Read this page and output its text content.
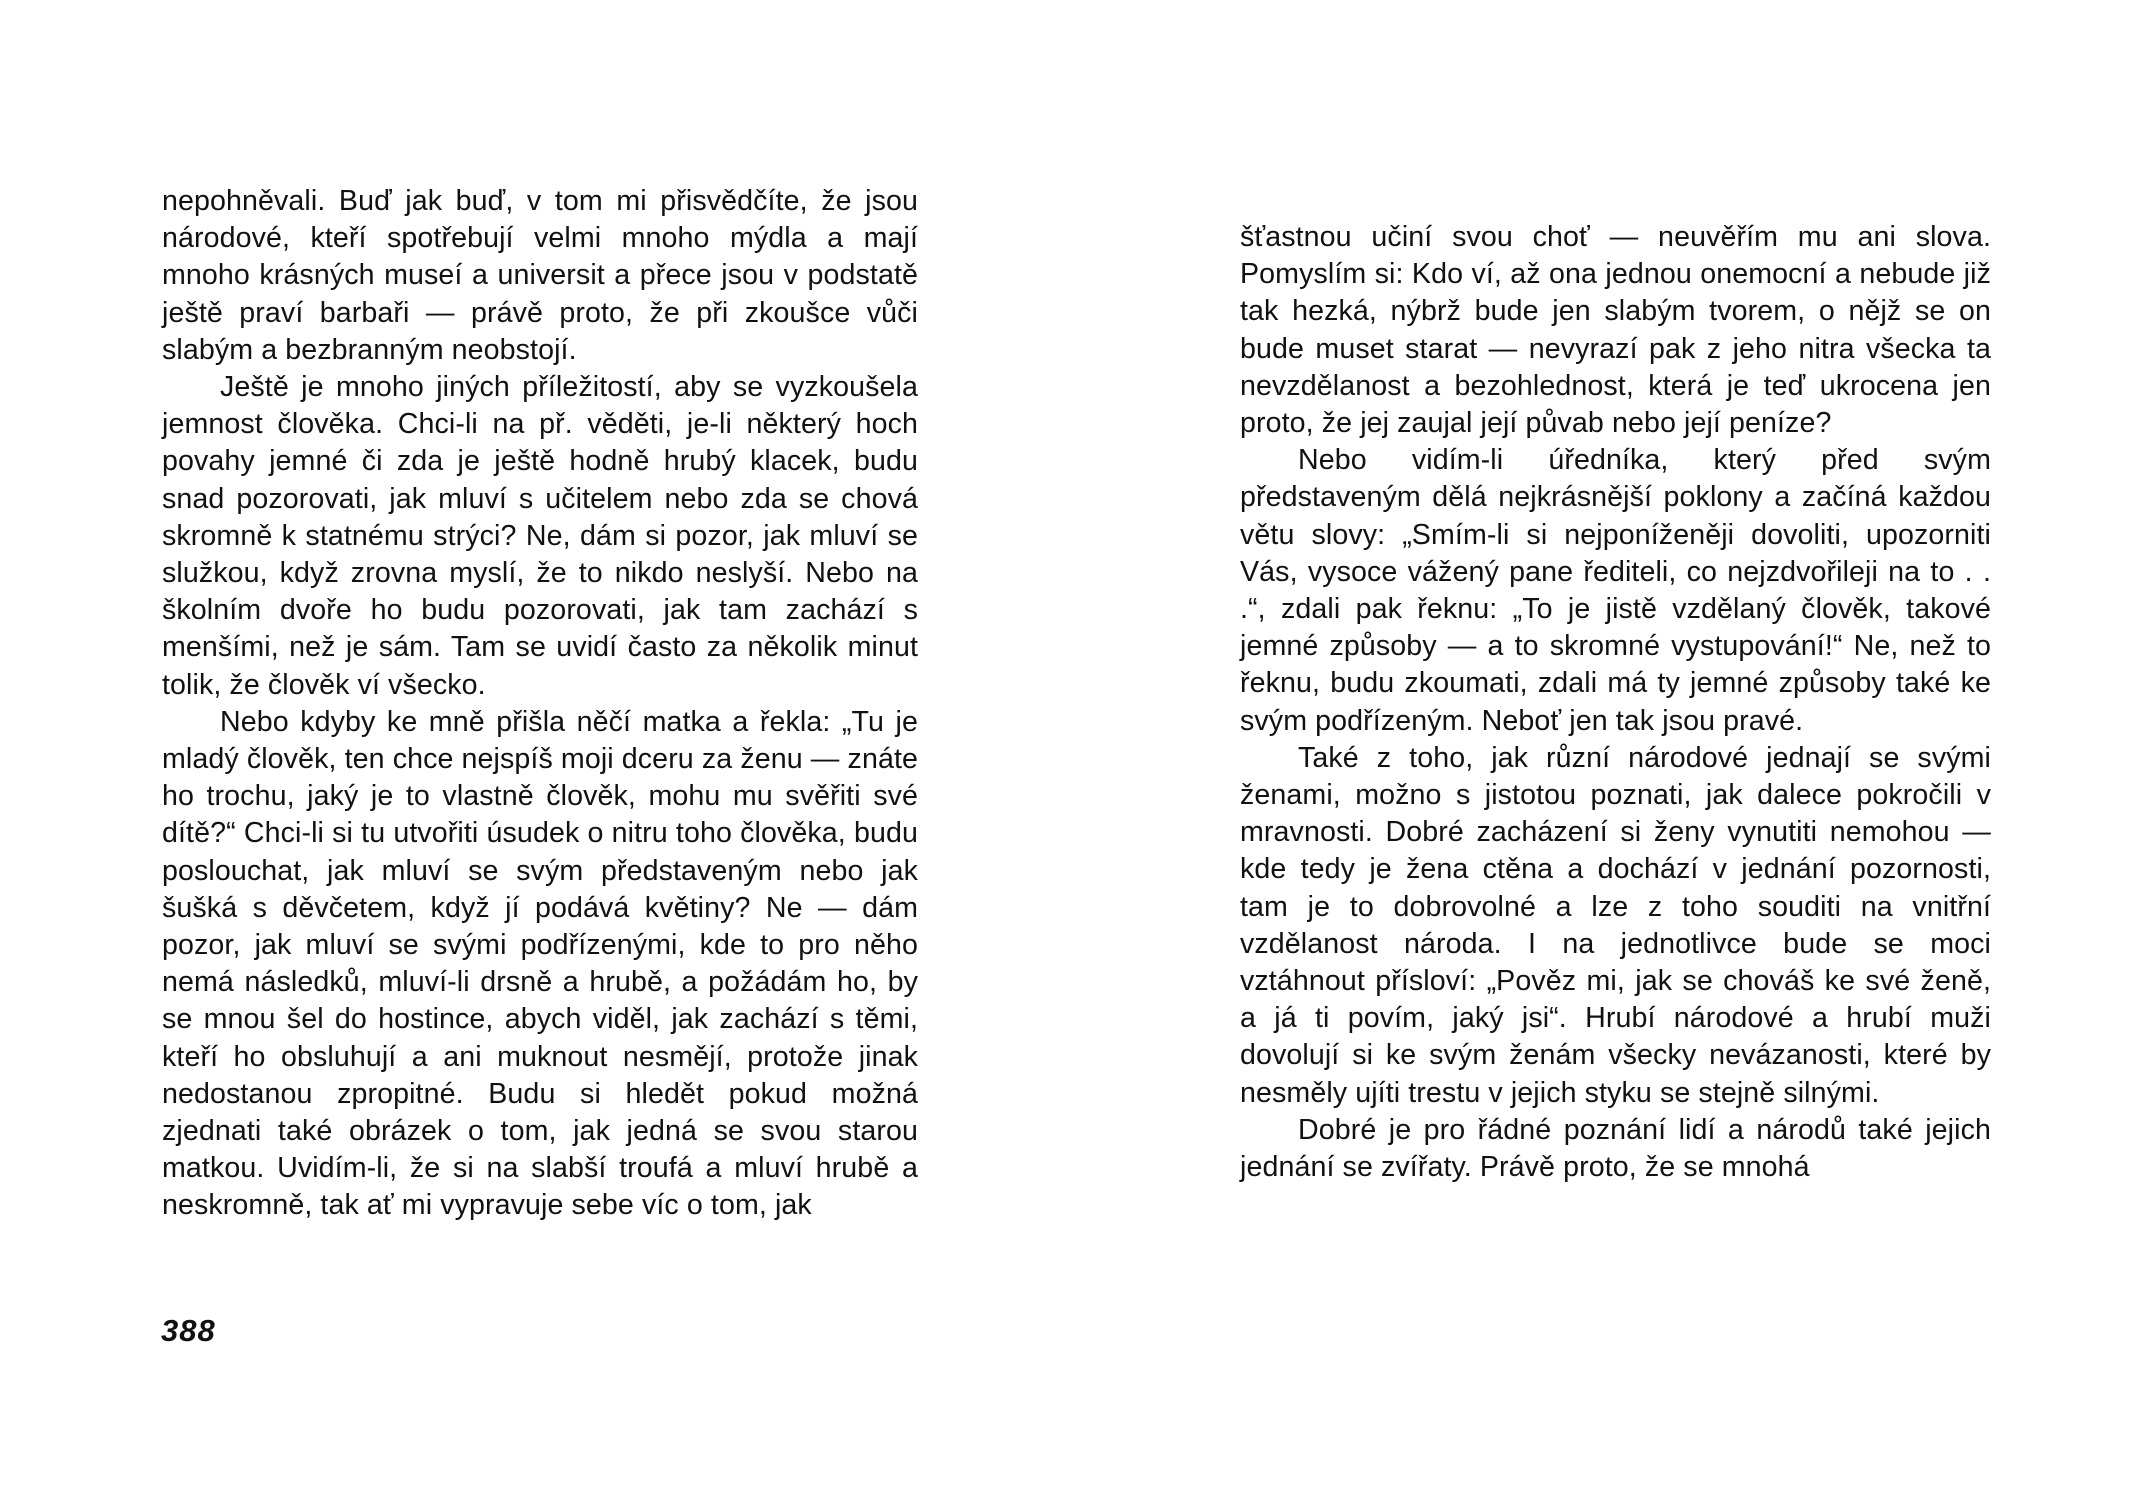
nepohněvali. Buď jak buď, v tom mi přisvědčíte, že jsou národové, kteří spotřebují velmi mnoho mýdla a mají mnoho krásných museí a universit a přece jsou v podstatě ještě praví barbaři — právě proto, že při zkoušce vůči slabým a bezbranným neobstojí.

Ještě je mnoho jiných příležitostí, aby se vyzkoušela jemnost člověka. Chci-li na př. věděti, je-li některý hoch povahy jemné či zda je ještě hodně hrubý klacek, budu snad pozorovati, jak mluví s učitelem nebo zda se chová skromně k statnému strýci? Ne, dám si pozor, jak mluví se služkou, když zrovna myslí, že to nikdo neslyší. Nebo na školním dvoře ho budu pozorovati, jak tam zachází s menšími, než je sám. Tam se uvidí často za několik minut tolik, že člověk ví všecko.

Nebo kdyby ke mně přišla něčí matka a řekla: „Tu je mladý člověk, ten chce nejspíš moji dceru za ženu — znáte ho trochu, jaký je to vlastně člověk, mohu mu svěřiti své dítě?“ Chci-li si tu utvořiti úsudek o nitru toho člověka, budu poslouchat, jak mluví se svým představeným nebo jak šušká s děvčetem, když jí podává květiny? Ne — dám pozor, jak mluví se svými podřízenými, kde to pro něho nemá následků, mluví-li drsně a hrubě, a požádám ho, by se mnou šel do hostince, abych viděl, jak zachází s těmi, kteří ho obsluhují a ani muknout nesmějí, protože jinak nedostanou zpropitné. Budu si hledět pokud možná zjednati také obrázek o tom, jak jedná se svou starou matkou. Uvidím-li, že si na slabší troufá a mluví hrubě a neskromně, tak ať mi vypravuje sebe víc o tom, jak

388

šťastnou učiní svou choť — neuvěřím mu ani slova. Pomyslím si: Kdo ví, až ona jednou onemocní a nebude již tak hezká, nýbrž bude jen slabým tvorem, o nějž se on bude muset starat — nevyrazí pak z jeho nitra všecka ta nevzdělanost a bezohlednost, která je teď ukrocena jen proto, že jej zaujal její půvab nebo její peníze?

Nebo vidím-li úředníka, který před svým představeným dělá nejkrásnější poklony a začíná každou větu slovy: „Smím-li si nejponíženěji dovoliti, upozorniti Vás, vysoce vážený pane řediteli, co nejzdvořileji na to . . .“, zdali pak řeknu: „To je jistě vzdělaný člověk, takové jemné způsoby — a to skromné vystupování!“ Ne, než to řeknu, budu zkoumati, zdali má ty jemné způsoby také ke svým podřízeným. Neboť jen tak jsou pravé.

Také z toho, jak různí národové jednají se svými ženami, možno s jistotou poznati, jak dalece pokročili v mravnosti. Dobré zacházení si ženy vynutiti nemohou — kde tedy je žena ctěna a dochází v jednání pozornosti, tam je to dobrovolné a lze z toho souditi na vnitřní vzdělanost národa. I na jednotlivce bude se moci vztáhnout přísloví: „Pověz mi, jak se chováš ke své ženě, a já ti povím, jaký jsi“. Hrubí národové a hrubí muži dovolují si ke svým ženám všecky nevázanosti, které by nesměly ujíti trestu v jejich styku se stejně silnými.

Dobré je pro řádné poznání lidí a národů také jejich jednání se zvířaty. Právě proto, že se mnohá
